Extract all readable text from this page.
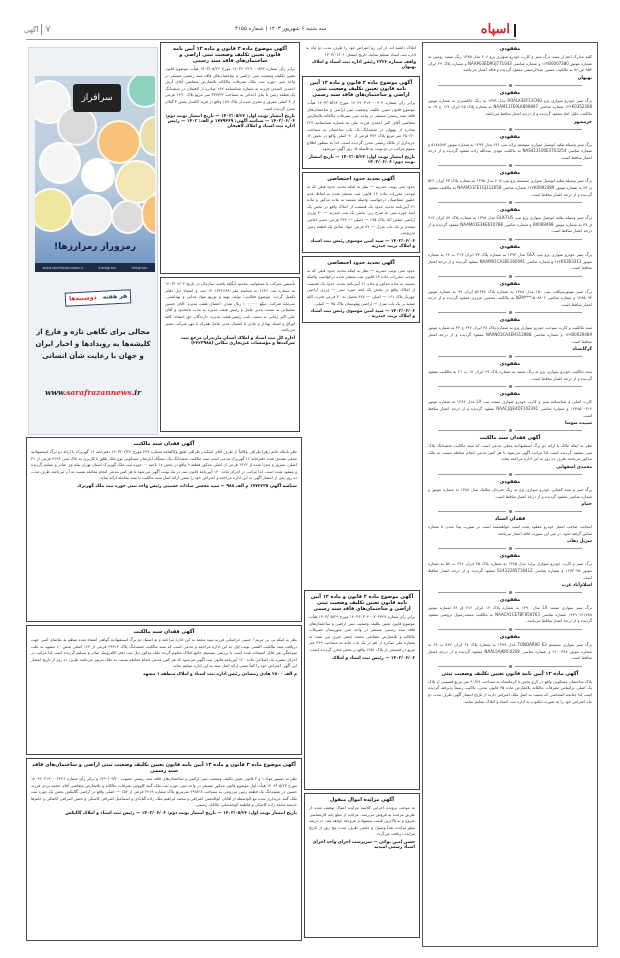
۷
آگهی	سه شنبه ۶ شهریور ۱۴۰۳ | شماره ۳۱۵۵	اسپاه
سرافراز
رمزوراز رمزارزها!
www.sarafrazannews.ir	instagram	telegram
هر هفته
دوشنبه‌ها
مجالی برای نگاهی تازه و فارغ از کلیشه‌ها به رویدادها و اخبار ایران و جهان با رعایت شأن انسانی
www.sarafrazannews.ir
آگهی موضوع ماده ۳ قانون و ماده ۱۳ آیین نامه قانون تعیین تکلیف وضعیت ثبتی اراضی و ساختمان‌های فاقد سند رسمی
برابر رأی شماره ۱۴۰۳۶۰۳۱۹۰۰۰۵۹۳ مورخ ۱۴۰۳/۰۵/۲۶ هیأت موضوع قانون تعیین تکلیف وضعیت ثبتی اراضی و ساختمان‌های فاقد سند رسمی مستقر در واحد ثبتی حوزه ثبت ملک تصرفات مالکانه بلامعارض متقاضی آقای آرش احمدی لامیجی فرزند به شماره شناسنامه ۱۸۷ صادره از لاهیجان در ششدانگ یک قطعه زمین با بنای احداثی به مساحت ۳۳۷/۳۳ متر مربع پلاک ۱۴۹۰ فرعی از ۳ اصلی مفروز و مجزی شده از پلاک ۱۸۹ واقع در قریه لاکسار بخش ۳ گیلان محرز گردیده است.
تاریخ انتشار نوبت اول: ۱۴۰۳/۰۵/۲۲ — تاریخ انتشار نوبت دوم: ۱۴۰۳/۰۶/۰۶ — شناسه آگهی: ۱۷۷۹۴۶۹ م الف: ۱۴۰۳ — رئیس اداره ثبت اسناد و املاک لاهیجان
تأسیس شرکت با مسئولیت محدود آیگیله پاشت سازمان در تاریخ ۱۴۰۳/۰۶/۰۳ به شماره ثبت ۱۶۴۶ به شناسه ملی ۱۴۰۱۳۴۲۶۸۹ ثبت و امضاء ذیل دفاتر تکمیل گردید. موضوع فعالیت: تولید، تهیه و توزیع مواد غذایی و بهداشتی. سرمایه شرکت: مبلغ ۱۰۰۰۰۰۰ ریال نقدی. اعضای هیئت مدیره: آقای حسین سلیمانی به سمت مدیر عامل و رئیس هیئت مدیره به مدت نامحدود و آقای علی اکبر زمانی به سمت نایب رئیس هیئت مدیره. دارندگان حق امضاء: کلیه اوراق و اسناد بهادار و عادی با امضای مدیر عامل همراه با مهر شرکت معتبر می‌باشد.
اداره کل ثبت اسناد و املاک استان مازندران مرجع ثبت شرکت‌ها و مؤسسات غیرتجاری تنکابن (۲۲۲۳۹۸۸)
املاک داشته اند. از این رو اعتراض خود را ظرف مدت دو ماه به اداره ثبت اسناد تسلیم نمایند. تاریخ انتشار: ۱۴۰۳/۰۶/۰۶
واقف شماره ۲۳۲۲ رئیس اداره ثبت اسناد و املاک بهبهان
آگهی موضوع ماده ۳ قانون و ماده ۱۳ آیین نامه قانون تعیین تکلیف وضعیت ثبتی اراضی و ساختمان‌های فاقد سند رسمی
برابر رأی شماره ۱۴۰۳۶۰۳۱۹۰۰۰۹۰۳ مورخ ۱۴۰۳/۰۵/۲۸ هیأت موضوع قانون تعیین تکلیف وضعیت ثبتی اراضی و ساختمان‌های فاقد سند رسمی مستقر در واحد ثبتی تصرفات مالکانه بلامعارض متقاضی آقای اکبر احمدی فرزند علی به شماره شناسنامه ۲۲۴ صادره از بهبهان در ششدانگ یک باب ساختمان به مساحت ۲۵۰/۶۰ متر مربع پلاک ۳۷۴ فرعی از ۹۰ اصلی واقع در بخش ۱۲ خریداری از مالک رسمی محرز گردیده است. لذا به منظور اطلاع عموم مراتب در دو نوبت به فاصله ۱۵ روز آگهی می‌شود.
تاریخ انتشار نوبت اول: ۱۴۰۳/۰۵/۲۲ — تاریخ انتشار نوبت دوم: ۱۴۰۳/۰۶/۰۶
آگهی تحدید حدود اختصاصی
حدود ثبتی نوبت حیدریه — نظر به اینکه تحدید حدود قبلی که به موجب مقررات ماده ۱۴ قانون ثبت منتشر شده به لحاظ عدم حضور متقاضیان درخواست واصله مستند به ماده مذکور و ماده ۶۱ آیین‌نامه تحدید حدود یک قسمت از املاک واقع در بخش یک ابعه حوزه ثبتی به شرح زیر: بخش یک ثبت حیدریه — ۳۰ ورزی اراضی عباس آباد پلاک ۱۹۵ — اصلی — ۲۳۷ فرعی حسن امامی متقدم بر یک باب منزل — ۸۷ فرعی حواد صادق یک قطعه زمین مزروعی.
۱۴۰۳/۰۶/۰۶ — سید امین موسوی رئیس ثبت اسناد و املاک تربت حیدریه
آگهی تحدید حدود اختصاصی
حدود ثبتی نوبت حیدریه — نظر به اینکه تحدید حدود قبلی که به موجب مقررات ماده ۱۴ قانون ثبت منتشر شده درخواست واصله مستند به ماده مذکور و ماده ۶۱ آیین‌نامه تحدید حدود یک قسمت از املاک واقع در بخش یک ابعه حوزه ثبتی — ورزی اراضی چهرباز پلاک ۱۶۱ — اصلی — ۴۸۷ متصل به ۳۰ فرعی قدرت الله صفیه بر یک باب منزل — اراضی پهلوستان پلاک ۹۵ — اصلی.
۱۴۰۳/۰۶/۰۶ — سید امین موسوی رئیس ثبت اسناد و املاک تربت حیدریه
آگهی فقدان سند مالکیت
نظر باینکه خانم زهرا طراقی وکالتاً از طرف آقای اسکندر طراقی طبق وکالتنامه شماره ۴۴۷ مورخ ۱۴۰۳/۰۲/۲۲ دفترخانه ۱۶ گهربرک با ارائه دو برگ استشهادیه محلی مصدق شده دفترخانه ۱۶ گهربرک مدعی است سند مالکیت ششدانگ یک دستگاه آپارتمان مسکونی نوع ملک طلق با کاربری به پلاک ثبتی ۲۲۹۴ فرعی از ۳۱ اصلی، مفروز و مجزا شده از ۱۳۲۲ فرعی از اصلی مذکور قطعه ۹ واقع در بخش ۱۸ ناحیه ۰۰ حوزه ثبت ملک گهربرک استان تهران بنام وی صادر و تسلیم گردیده و مفقود شده است. لذا مراتب در اجرای ماده ۱۲۰ آیین‌نامه قانون ثبت در یک نوبت آگهی می‌شود تا هر کس مدعی انجام معامله نسبت به آن می‌باشد ظرف مدت ده روز پس از انتشار آگهی به این اداره مراجعه و اعتراض خود را ضمن ارائه اصل سند مالکیت یا سند معامله ارائه نماید.
شناسه آگهی ۱۷۷۲۲۳۵ م الف ۹۸۸ — سید محسن سادات حسینی رئیس واحد ثبتی حوزه ثبت ملک گهربرک
آگهی فقدان سند مالکیت
نظر به اینکه بی بی مریم / حبیبی خراسانی فرزند سید محمد به این اداره مراجعه و به استناد دو برگ استشهادیه گواهی امضاء شده منظم به تقاضای کتبی جهت دریافت سند مالکیت المثنی نوبت اول به این اداره مراجعه و مدعی است که سند مالکیت ششدانگ پلاک ۲۹۳۱۴ فرعی از ۱۶۴ اصلی بخش ۱۰ مشهد به علت سوختگی غیر قابل استفاده شده است با بررسی سیستم جامع املاک معلوم گردید ملک مذکور ذیل ثبت دفتر الکترونیک صادر و تسلیم گردیده است لذا مراتب در اجرای تبصره یک اصلاحی ماده ۱۲۰ آیین‌نامه قانون ثبت آگهی می‌شود که هر کس مدعی انجام معامله نسبت به ملک مزبور می‌باشد ظرف ده روز از تاریخ انتشار این آگهی اعتراض خود را کتباً ضمن ارائه اصل سند به این اداره تسلیم نماید.
م الف ۲۸۰۰ هادی رمضانی رئیس اداره ثبت اسناد و املاک منطقه ۱ مشهد
آگهی موضوع ماده ۳ قانون و ماده ۱۳ آیین نامه قانون تعیین تکلیف وضعیت ثبتی اراضی و ساختمان‌های فاقد سند رسمی
نظر به دستور مواد ۱ و ۳ قانون تعیین تکلیف وضعیت ثبتی اراضی و ساختمان‌های فاقد سند رسمی مصوب ۱۳۹۰/۰۹/۲۰ و برابر رأی شماره ۱۴۰۳۶۰۳۱۹۰۰۰۴۴۲۶ مورخ ۱۴۰۳/۰۵/۲۳ هیأت اول موضوع قانون مذکور مستقر در واحد ثبتی حوزه ثبت ملک گنبد کاووس تصرفات مالکانه و بلامعارض متقاضی آقای محمد بردی فرزند حسین در ششدانگ یک قطعه زمین مزروعی به مساحت ۲۹۸/۲۸ مترمربع پلاک شماره ۲۴۱۹ فرعی از ۱۵۶ — اصلی واقع در اراضی گالیکش بخش یک حوزه ثبت ملک گنبد خریداری شده مع الواسطه از آقایان ابوالحسن اشرافی و محمد ابراهیم ملک زاده گنابادی و اسماعیل اشرافی کاشکی و حسن اشرافی کاشکی و خانم‌ها خدیجه محمد زاده کاشکی و فاطمه کوچه‌سانی مالکان رسمی.
تاریخ انتشار نوبت اول: ۱۴۰۳/۰۵/۲۲ — تاریخ انتشار نوبت دوم: ۱۴۰۳/۰۶/۰۶ — رئیس ثبت اسناد و املاک گالیکش
آگهی موضوع ماده ۳ قانون و ماده ۱۳ آیین نامه قانون تعیین تکلیف وضعیت ثبتی اراضی و ساختمان‌های فاقد سند رسمی
برابر رأی شماره ۱۴۰۳۶۰۳۰۴۰۰۷۰۴۳۴۷ مورخ ۱۴۰۳/۰۵/۲۹ هیأت موضوع قانون تعیین تکلیف وضعیت ثبتی اراضی و ساختمان‌های فاقد سند رسمی مستقر در واحد ثبتی شهرستان تصرفات مالکانه و بلامعارض متقاضی محمد جعفر خیری بین نجف به شماره ملی صادره از قم در یک باب خانه به مساحت ۳۶۹ متر مربع در قسمتی از پلاک ۱۴۵۱ واقع در بخش محرز گردیده است.
۱۴۰۳/۰۶/۰۶ — رئیس ثبت اسناد و املاک
آگهی مزایده اموال منقول
به موجب پرونده اجرایی کلاسه مزایده اموال توقیف شده از طریق مزایده به فروش می‌رسد. مزایده از مبلغ پایه کارشناسی شروع و به بالاترین قیمت پیشنهادی فروخته خواهد شد. ده درصد مبلغ مزایده نقداً وصول و مابقی ظرف مدت پنج روز از تاریخ مزایده دریافت می‌گردد.
حسن امین نوائی — سرپرست اجرای واحد اجرای اسناد رسمی امیدیه
مفقودی
کلیه مدارک اعم از سند، برگ سبز و کارت خودرو سواری پژو ۲۰۶ مدل ۱۳۹۵ رنگ سفید روغنی به شماره موتور ۱۶۳B0007380 و شماره شاسی NAAP03ED9GJ771043 و شماره پلاک ۲۹ ایران ۹۵۴ ص ۹۶ به مالکیت حسین عبدالرحیمی مفقود گردیده و فاقد اعتبار می‌باشد.
بهبهان
مفقودی
برگ سبز خودرو سواری پژو ROALX3EF11CNG مدل ۱۳۹۹ به رنگ خاکستری به شماره موتور ۱۲۴K0352308 شماره شاسی NAAM11FE9LK896897 به شماره پلاک ۲۵ ایران ۱۶۷ ج ۱۹ به مالکیت خلیل اماد مفقود گردیده و از درجه اعتبار ساقط می‌باشد.
خرمشهر
مفقودی
برگ سبز وسیله نقلیه اتومبیل سواری سیستم پراید تیپ ۱۳۱ مدل ۱۳۹۳ به شماره موتور ۵۱۸۸۷۸۳ و شماره شاسی NAS411100E3703254 به مالکیت مهدی عبدالله زاده مفقود گردیده و از درجه اعتبار ساقط است.
مفقودی
برگ سبز وسیله نقلیه اتومبیل سواری سیستم پژو تیپ ۴۰۵ مدل ۱۳۹۵ به شماره پلاک ۲۳ ایران ۵۲۴ ی ۳۸ به شماره موتور ۱۲۴K0092489 شماره شاسی NAAM31FE1GJ112658 به مالکیت مفقود گردیده و از درجه اعتبار ساقط است.
مفقودی
برگ سبز وسیله نقلیه اتومبیل سواری پژو تیپ GLX-TU5 مدل ۱۳۹۸ به شماره پلاک ۸۴ ایران ۹۱۷ ق ۳۷ به شماره موتور B0089498 و شماره شاسی NAAM01E3KE610788 مفقود گردیده و از درجه اعتبار ساقط است.
مفقودی
برگ سبز خودرو سواری پژو تیپ GLX مدل ۱۳۹۳ به شماره پلاک ۳۳ ایران ۳۱۳ ب ۶۴ به شماره موتور ۱۲۴K0303313 و شماره شاسی NAAM01CA2EE160091 مفقود گردیده و از درجه اعتبار ساقط است.
مفقودی
برگ سبز موتورسیکلت تیپ ۱۵۰ مدل ۱۳۸۸ به شماره پلاک ۵۶۶۳۸ ایران ۹۹ به شماره موتور ۱۲۸۵۰۹۴ و شماره شاسی N2M***۱۵۰۸۸۰۲ به مالکیت محسن عزیزی مفقود گردیده و از درجه اعتبار ساقط است.
مفقودی
سند مالکیت و کارت سوخت خودرو سواری پژو به شماره پلاک ۴۸ ایران ۳۴۷ ج ۳۴ به شماره موتور ۱۲۴B0029489 و شماره شاسی NAAN01CA4EH312888 مفقود گردیده و از درجه اعتبار ساقط است.
گرگانشاه
مفقودی
سند مالکیت خودرو سواری پژو به رنگ سفید به شماره پلاک ۶۹ ایران ۱۴ ب ۲۱ به مالکیت مفقود گردیده و از درجه اعتبار ساقط است.
مفقودی
کارت اصلی و شناسنامه سبز و کارت خودرو سواری سمند تیپ LX مدل ۱۳۸۶ به شماره موتور ۱۲۴۸۵۰۰۴۱۴ و شماره شاسی NAACJ1JE4DF102391 مفقود گردیده و از درجه اعتبار ساقط است.
سپیده سوسا
آگهی فقدان سند مالکیت
نظر به اینکه مالک با ارائه دو برگ استشهادیه محلی مدعی است که سند مالکیت ششدانگ پلاک ثبتی مفقود گردیده است لذا مراتب آگهی می‌شود تا هر کس مدعی انجام معامله نسبت به ملک مذکور می‌باشد ظرف ده روز به این اداره مراجعه نماید.
محمدی اصفهانی
مفقودی
برگ سبز و سند کمپانی خودرو سواری پژو به رنگ نقره‌ای متالیک مدل ۱۳۸۸ به شماره موتور و شماره شاسی مفقود گردیده و از درجه اعتبار ساقط است.
خمام
فقدان اسناد
اینجانب صاحب امتیاز خودرو مفقود شده است خواهشمند است در صورت پیدا شدن با شماره تماس گرفته شود. در غیر این صورت فاقد اعتبار می‌باشد.
سرپل ذهاب
مفقودی
برگ سبز و کارت خودرو سواری پراید مدل ۱۳۸۵ به شماره پلاک ۴۵ ایران ۲۹۶ ب ۵۸ به شماره موتور ۱۲۷۳۰۴۵ و شماره شاسی S1412285716412 مفقود گردیده و از درجه اعتبار ساقط است.
اسلام‌آباد غرب
مفقودی
برگ سبز سواری سمند LX مدل ۱۳۹۰ به شماره پلاک ۱۴ ایران ۷۱۲ ق ۸۲ شماره موتور ۱۲۴۹۰۱۲۱۷۸۸ شماره شاسی NAACA1CE7BF850763 به مالکیت محمدرسول بروشی مفقود گردیده و از درجه اعتبار ساقط می‌باشد.
مفقودی
برگ سبز سواری سیستم TONDAR90 E2 مدل ۱۳۹۹ به شماره پلاک ۶۷ ایران ۸۳۶ ب ۶۴ به شماره موتور ۹۱۰۰۳۹۸ و شماره شاسی NAAL5AJKRC6209 مفقود گردیده و از درجه اعتبار ساقط است.
آگهی ماده ۱۳ آیین نامه قانون تعیین تکلیف وضعیت ثبتی
پلاک ساختمان مسکونی واقع در کرج بخش ۸ کرمانشاه به مساحت ۹۰/۸۹ متر مربع قسمتی از پلاک یک اصلی براساس تصرفات مالکانه بلامعارض ماده ۳۵ قانون مدنی، بلاکیت رسماً پذیرفته گردیده است لذا چنانچه اشخاصی که نسبت به اصل ملک اعتراض دارند از تاریخ انتشار آگهی ظرف مدت دو ماه اعتراض خود را به صورت مکتوب به اداره ثبت اسناد و املاک تسلیم نمایند.
